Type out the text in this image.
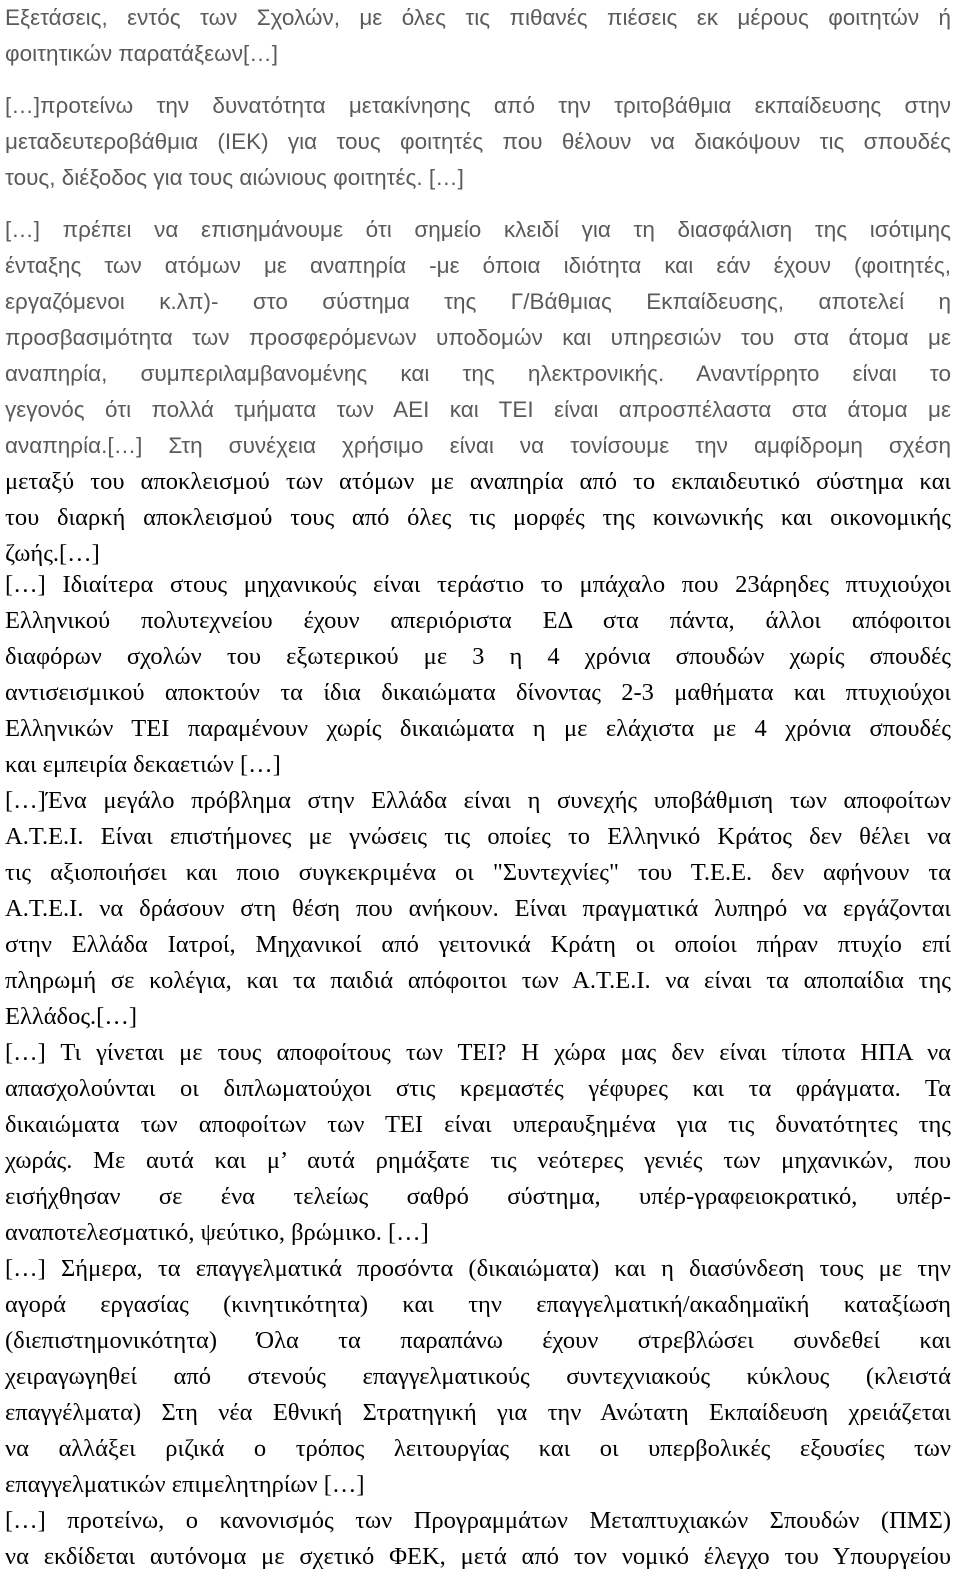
Εξετάσεις, εντός των Σχολών, με όλες τις πιθανές πιέσεις εκ μέρους φοιτητών ή
φοιτητικών παρατάξεων[…]
[…]προτείνω την δυνατότητα μετακίνησης από την τριτοβάθμια εκπαίδευσης στην
μεταδευτεροβάθμια (ΙΕΚ) για τους φοιτητές που θέλουν να διακόψουν τις σπουδές
τους, διέξοδος για τους αιώνιους φοιτητές. […]
[…] πρέπει να επισημάνουμε ότι σημείο κλειδί για τη διασφάλιση της ισότιμης
ένταξης των ατόμων με αναπηρία -με όποια ιδιότητα και εάν έχουν (φοιτητές,
εργαζόμενοι κ.λπ)- στο σύστημα της Γ/Βάθμιας Εκπαίδευσης, αποτελεί η
προσβασιμότητα των προσφερόμενων υποδομών και υπηρεσιών του στα άτομα με
αναπηρία, συμπεριλαμβανομένης και της ηλεκτρονικής. Αναντίρρητο είναι το
γεγονός ότι πολλά τμήματα των ΑΕΙ και ΤΕΙ είναι απροσπέλαστα στα άτομα με
αναπηρία.[…] Στη συνέχεια χρήσιμο είναι να τονίσουμε την αμφίδρομη σχέση
μεταξύ του αποκλεισμού των ατόμων με αναπηρία από το εκπαιδευτικό σύστημα και
του διαρκή αποκλεισμού τους από όλες τις μορφές της κοινωνικής και οικονομικής
ζωής.[…]
[…] Ιδιαίτερα στους μηχανικούς είναι τεράστιο το μπάχαλο που 23άρηδες πτυχιούχοι
Ελληνικού πολυτεχνείου έχουν απεριόριστα ΕΔ στα πάντα, άλλοι απόφοιτοι
διαφόρων σχολών του εξωτερικού με 3 η 4 χρόνια σπουδών χωρίς σπουδές
αντισεισμικού αποκτούν τα ίδια δικαιώματα δίνοντας 2-3 μαθήματα και πτυχιούχοι
Ελληνικών ΤΕΙ παραμένουν χωρίς δικαιώματα η με ελάχιστα με 4 χρόνια σπουδές
και εμπειρία δεκαετιών […]
[…]Ένα μεγάλο πρόβλημα στην Ελλάδα είναι η συνεχής υποβάθμιση των αποφοίτων
Α.Τ.Ε.Ι. Είναι επιστήμονες με γνώσεις τις οποίες το Ελληνικό Κράτος δεν θέλει να
τις αξιοποιήσει και ποιο συγκεκριμένα οι "Συντεχνίες" του Τ.Ε.Ε. δεν αφήνουν τα
Α.Τ.Ε.Ι. να δράσουν στη θέση που ανήκουν. Είναι πραγματικά λυπηρό να εργάζονται
στην Ελλάδα Ιατροί, Μηχανικοί από γειτονικά Κράτη οι οποίοι πήραν πτυχίο επί
πληρωμή σε κολέγια, και τα παιδιά απόφοιτοι των Α.Τ.Ε.Ι. να είναι τα αποπαίδια της
Ελλάδος.[…]
[…] Τι γίνεται με τους αποφοίτους των ΤΕΙ? Η χώρα μας δεν είναι τίποτα ΗΠΑ να
απασχολούνται οι διπλωματούχοι στις κρεμαστές γέφυρες και τα φράγματα. Τα
δικαιώματα των αποφοίτων των ΤΕΙ είναι υπεραυξημένα για τις δυνατότητες της
χωράς. Με αυτά και μ’ αυτά ρημάξατε τις νεότερες γενιές των μηχανικών, που
εισήχθησαν σε ένα τελείως σαθρό σύστημα, υπέρ-γραφειοκρατικό, υπέρ-
αναποτελεσματικό, ψεύτικο, βρώμικο. […]
[…] Σήμερα, τα επαγγελματικά προσόντα (δικαιώματα) και η διασύνδεση τους με την
αγορά εργασίας (κινητικότητα) και την επαγγελματική/ακαδημαϊκή καταξίωση
(διεπιστημονικότητα) Όλα τα παραπάνω έχουν στρεβλώσει συνδεθεί και
χειραγωγηθεί από στενούς επαγγελματικούς συντεχνιακούς κύκλους (κλειστά
επαγγέλματα) Στη νέα Εθνική Στρατηγική για την Ανώτατη Εκπαίδευση χρειάζεται
να αλλάξει ριζικά ο τρόπος λειτουργίας και οι υπερβολικές εξουσίες των
επαγγελματικών επιμελητηρίων […]
[…] προτείνω, ο κανονισμός των Προγραμμάτων Μεταπτυχιακών Σπουδών (ΠΜΣ)
να εκδίδεται αυτόνομα με σχετικό ΦΕΚ, μετά από τον νομικό έλεγχο του Υπουργείου
